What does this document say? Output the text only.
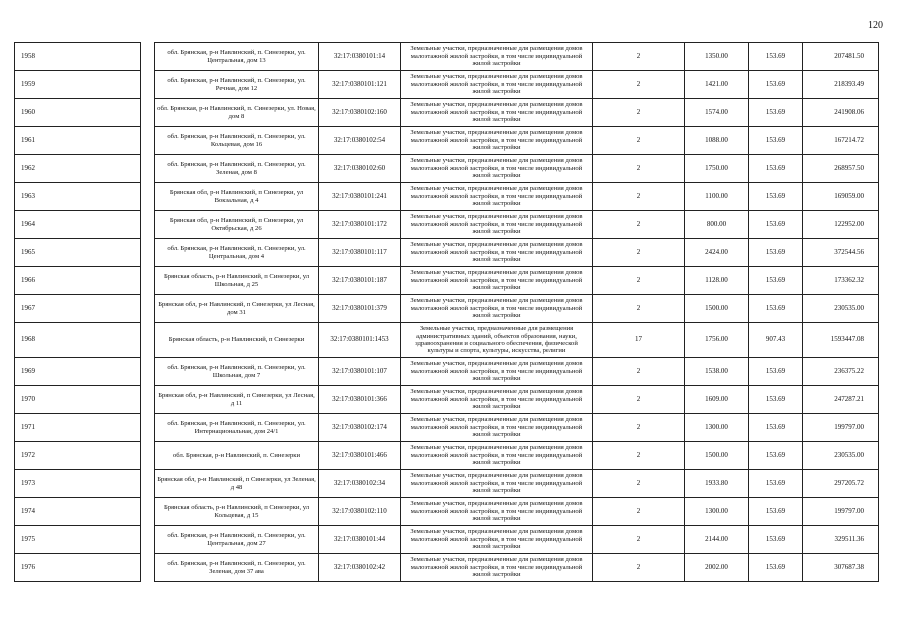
120
1958		обл. Брянская, р-н Навлинский, п. Синезерки, ул. Центральная, дом 13	32:17:0380101:14	Земельные участки, предназначенные для размещения домов малоэтажной жилой застройки, в том числе индивидуальной жилой застройки	2	1350.00	153.69	207481.50
1959		обл. Брянская, р-н Навлинский, п. Синезерки, ул. Речная, дом 12	32:17:0380101:121	Земельные участки, предназначенные для размещения домов малоэтажной жилой застройки, в том числе индивидуальной жилой застройки	2	1421.00	153.69	218393.49
1960		обл. Брянская, р-н Навлинский, п. Синезерки, ул. Новая, дом 8	32:17:0380102:160	Земельные участки, предназначенные для размещения домов малоэтажной жилой застройки, в том числе индивидуальной жилой застройки	2	1574.00	153.69	241908.06
1961		обл. Брянская, р-н Навлинский, п. Синезерки, ул. Кольцевая, дом 16	32:17:0380102:54	Земельные участки, предназначенные для размещения домов малоэтажной жилой застройки, в том числе индивидуальной жилой застройки	2	1088.00	153.69	167214.72
1962		обл. Брянская, р-н Навлинский, п. Синезерки, ул. Зеленая, дом 8	32:17:0380102:60	Земельные участки, предназначенные для размещения домов малоэтажной жилой застройки, в том числе индивидуальной жилой застройки	2	1750.00	153.69	268957.50
1963		Брянская обл, р-н Навлинский, п Синезерки, ул Вокзальная, д 4	32:17:0380101:241	Земельные участки, предназначенные для размещения домов малоэтажной жилой застройки, в том числе индивидуальной жилой застройки	2	1100.00	153.69	169059.00
1964		Брянская обл, р-н Навлинский, п Синезерки, ул Октябрьская, д 26	32:17:0380101:172	Земельные участки, предназначенные для размещения домов малоэтажной жилой застройки, в том числе индивидуальной жилой застройки	2	800.00	153.69	122952.00
1965		обл. Брянская, р-н Навлинский, п. Синезерки, ул. Центральная, дом 4	32:17:0380101:117	Земельные участки, предназначенные для размещения домов малоэтажной жилой застройки, в том числе индивидуальной жилой застройки	2	2424.00	153.69	372544.56
1966		Брянская область, р-н Навлинский, п Синезерки, ул Школьная, д 25	32:17:0380101:187	Земельные участки, предназначенные для размещения домов малоэтажной жилой застройки, в том числе индивидуальной жилой застройки	2	1128.00	153.69	173362.32
1967		Брянская обл, р-н Навлинский, п Синезерки, ул Лесная, дом 31	32:17:0380101:379	Земельные участки, предназначенные для размещения домов малоэтажной жилой застройки, в том числе индивидуальной жилой застройки	2	1500.00	153.69	230535.00
1968		Брянская область, р-н Навлинский, п Синезерки	32:17:0380101:1453	Земельные участки, предназначенные для размещения административных зданий, объектов образования, науки, здравоохранения и социального обеспечения, физической культуры и спорта, культуры, искусства, религии	17	1756.00	907.43	1593447.08
1969		обл. Брянская, р-н Навлинский, п. Синезерки, ул. Школьная, дом 7	32:17:0380101:107	Земельные участки, предназначенные для размещения домов малоэтажной жилой застройки, в том числе индивидуальной жилой застройки	2	1538.00	153.69	236375.22
1970		Брянская обл, р-н Навлинский, п Синезерки, ул Лесная, д 11	32:17:0380101:366	Земельные участки, предназначенные для размещения домов малоэтажной жилой застройки, в том числе индивидуальной жилой застройки	2	1609.00	153.69	247287.21
1971		обл. Брянская, р-н Навлинский, п. Синезерки, ул. Интернациональная, дом 24/1	32:17:0380102:174	Земельные участки, предназначенные для размещения домов малоэтажной жилой застройки, в том числе индивидуальной жилой застройки	2	1300.00	153.69	199797.00
1972		обл. Брянская, р-н Навлинский, п. Синезерки	32:17:0380101:466	Земельные участки, предназначенные для размещения домов малоэтажной жилой застройки, в том числе индивидуальной жилой застройки	2	1500.00	153.69	230535.00
1973		Брянская обл, р-н Навлинский, п Синезерки, ул Зеленая, д 48	32:17:0380102:34	Земельные участки, предназначенные для размещения домов малоэтажной жилой застройки, в том числе индивидуальной жилой застройки	2	1933.80	153.69	297205.72
1974		Брянская область, р-н Навлинский, п Синезерки, ул Кольцевая, д 15	32:17:0380102:110	Земельные участки, предназначенные для размещения домов малоэтажной жилой застройки, в том числе индивидуальной жилой застройки	2	1300.00	153.69	199797.00
1975		обл. Брянская, р-н Навлинский, п. Синезерки, ул. Центральная, дом 27	32:17:0380101:44	Земельные участки, предназначенные для размещения домов малоэтажной жилой застройки, в том числе индивидуальной жилой застройки	2	2144.00	153.69	329511.36
1976		обл. Брянская, р-н Навлинский, п. Синезерки, ул. Зеленая, дом 37 ава	32:17:0380102:42	Земельные участки, предназначенные для размещения домов малоэтажной жилой застройки, в том числе индивидуальной жилой застройки	2	2002.00	153.69	307687.38
